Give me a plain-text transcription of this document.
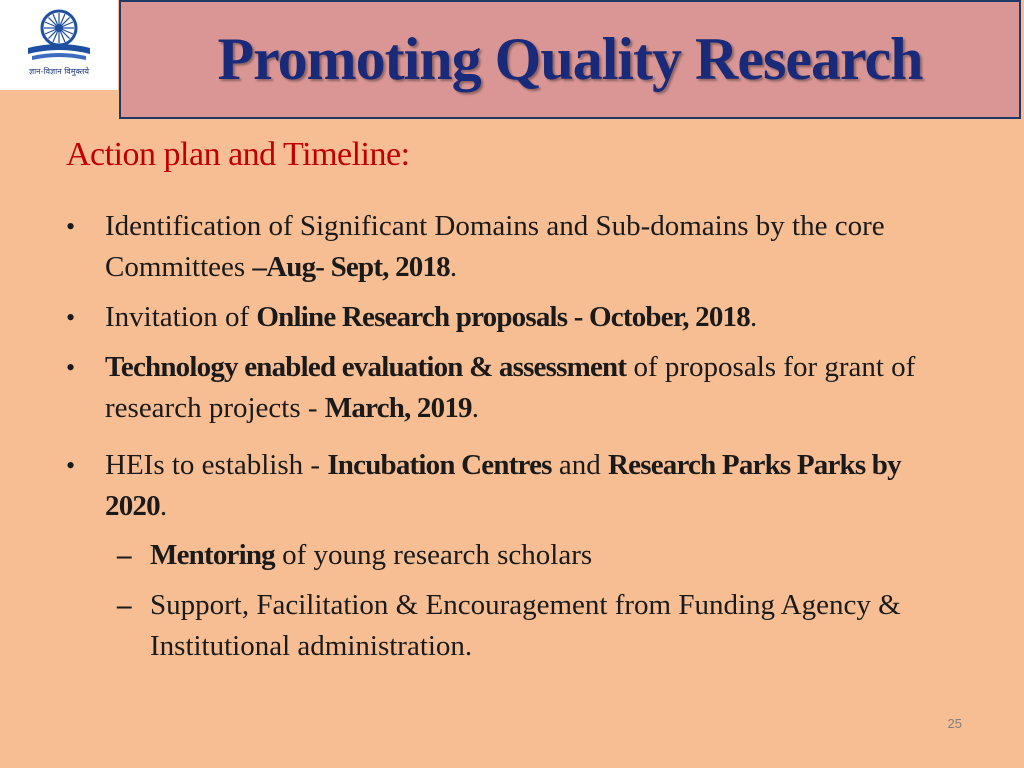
ज्ञान-विज्ञान विमुक्तये	Promoting Quality Research
Action plan and Timeline:
• Identification of Significant Domains and Sub-domains by the core Committees –Aug- Sept, 2018.
• Invitation of Online Research proposals - October, 2018.
• Technology enabled evaluation & assessment of proposals for grant of research projects - March, 2019.
• HEIs to establish - Incubation Centres and Research Parks Parks by 2020.
– Mentoring of young research scholars
– Support, Facilitation & Encouragement from Funding Agency & Institutional administration.
25
